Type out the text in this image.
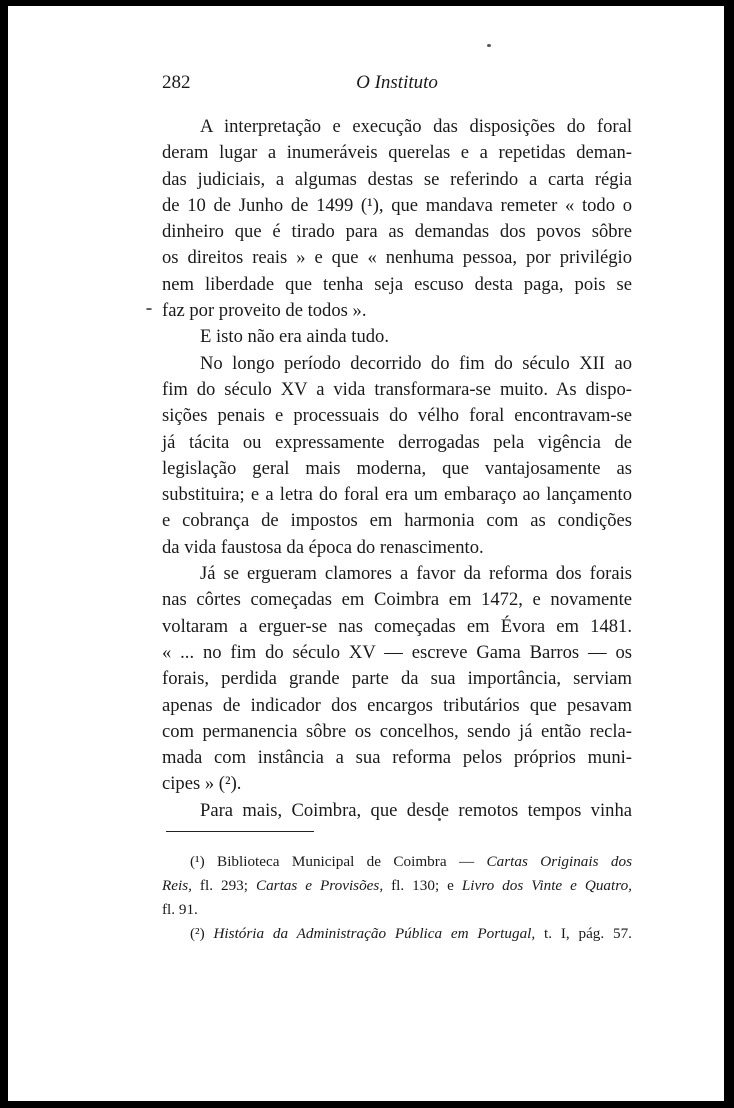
282	O Instituto
A interpretação e execução das disposições do foral
deram lugar a inumeráveis querelas e a repetidas deman-
das judiciais, a algumas destas se referindo a carta régia
de 10 de Junho de 1499 (¹), que mandava remeter « todo o
dinheiro que é tirado para as demandas dos povos sôbre
os direitos reais » e que « nenhuma pessoa, por privilégio
nem liberdade que tenha seja escuso desta paga, pois se
faz por proveito de todos ».
E isto não era ainda tudo.
No longo período decorrido do fim do século XII ao
fim do século XV a vida transformara-se muito. As dispo-
sições penais e processuais do vélho foral encontravam-se
já tácita ou expressamente derrogadas pela vigência de
legislação geral mais moderna, que vantajosamente as
substituira; e a letra do foral era um embaraço ao lançamento
e cobrança de impostos em harmonia com as condições
da vida faustosa da época do renascimento.
Já se ergueram clamores a favor da reforma dos forais
nas côrtes começadas em Coimbra em 1472, e novamente
voltaram a erguer-se nas começadas em Évora em 1481.
« ... no fim do século XV — escreve Gama Barros — os
forais, perdida grande parte da sua importância, serviam
apenas de indicador dos encargos tributários que pesavam
com permanencia sôbre os concelhos, sendo já então recla-
mada com instância a sua reforma pelos próprios muni-
cipes » (²).
Para mais, Coimbra, que desde remotos tempos vinha
(¹) Biblioteca Municipal de Coimbra — Cartas Originais dos
Reis, fl. 293; Cartas e Provisões, fl. 130; e Livro dos Vinte e Quatro,
fl. 91.
(²) História da Administração Pública em Portugal, t. I, pág. 57.
